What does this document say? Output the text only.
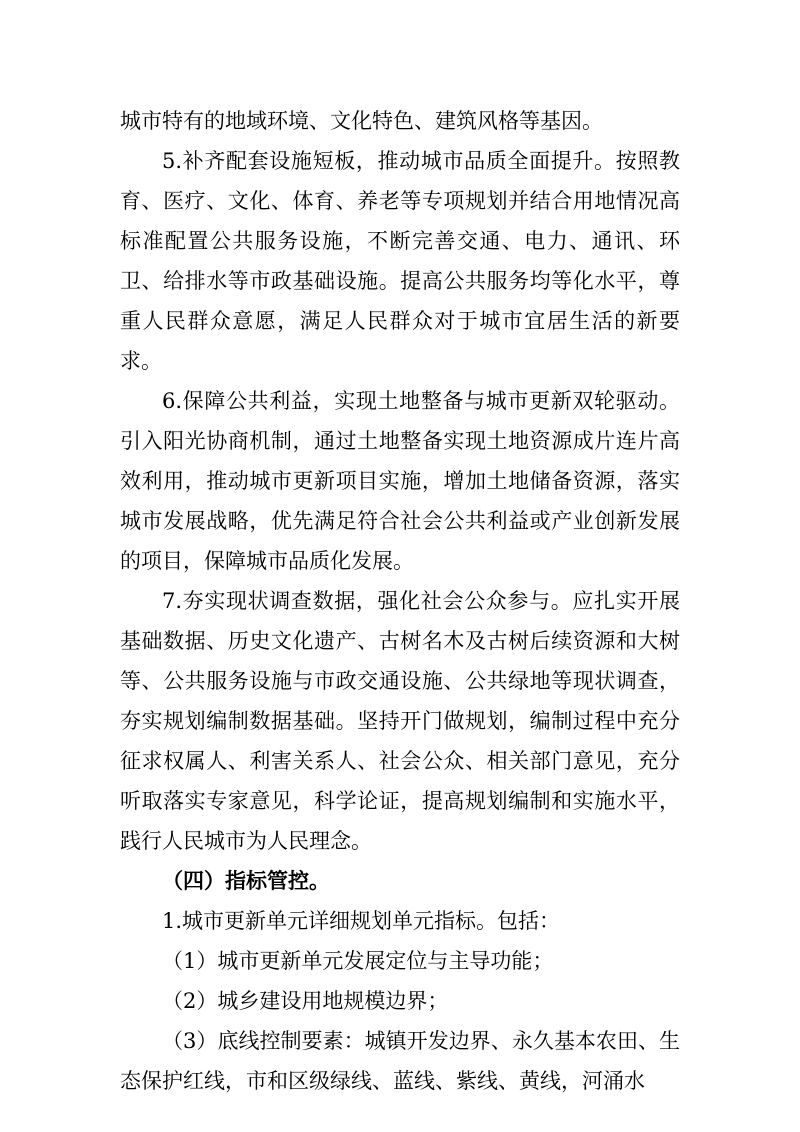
城市特有的地域环境、文化特色、建筑风格等基因。

5.补齐配套设施短板，推动城市品质全面提升。按照教育、医疗、文化、体育、养老等专项规划并结合用地情况高标准配置公共服务设施，不断完善交通、电力、通讯、环卫、给排水等市政基础设施。提高公共服务均等化水平，尊重人民群众意愿，满足人民群众对于城市宜居生活的新要求。

6.保障公共利益，实现土地整备与城市更新双轮驱动。引入阳光协商机制，通过土地整备实现土地资源成片连片高效利用，推动城市更新项目实施，增加土地储备资源，落实城市发展战略，优先满足符合社会公共利益或产业创新发展的项目，保障城市品质化发展。

7.夯实现状调查数据，强化社会公众参与。应扎实开展基础数据、历史文化遗产、古树名木及古树后续资源和大树等、公共服务设施与市政交通设施、公共绿地等现状调查，夯实规划编制数据基础。坚持开门做规划，编制过程中充分征求权属人、利害关系人、社会公众、相关部门意见，充分听取落实专家意见，科学论证，提高规划编制和实施水平，践行人民城市为人民理念。

（四）指标管控。

1.城市更新单元详细规划单元指标。包括：

（1）城市更新单元发展定位与主导功能；

（2）城乡建设用地规模边界；

（3）底线控制要素：城镇开发边界、永久基本农田、生态保护红线，市和区级绿线、蓝线、紫线、黄线，河涌水
